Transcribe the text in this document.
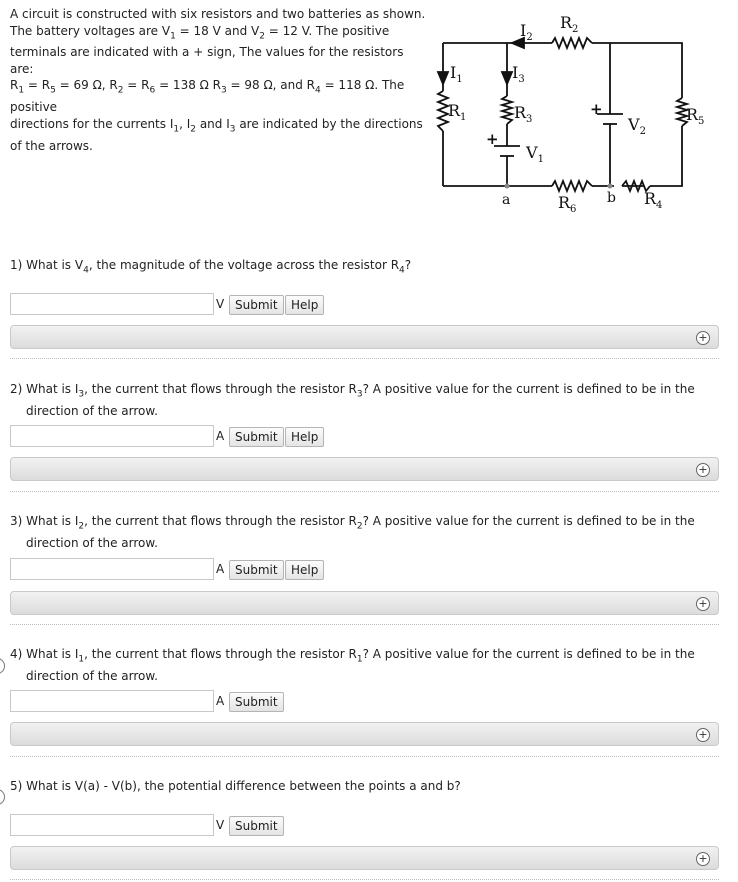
A circuit is constructed with six resistors and two batteries as shown.
The battery voltages are $V_1 = 18$ V and $V_2 = 12$ V. The positive
terminals are indicated with a + sign, The values for the resistors are:
$R_1 = R_5 = 69$ Ω, $R_2 = R_6 = 138$ Ω $R_3 = 98$ Ω, and $R_4 = 118$ Ω. The positive
directions for the currents $I_1$, $I_2$ and $I_3$ are indicated by the directions
of the arrows.
$I_2$
$R_2$
$I_1$	$I_3$
$R_1$	$R_3$	$R_5$
$V_1$
$V_2$
$R_6$
$R_4$
+
+
a	b
1) What is $V_4$, the magnitude of the voltage across the resistor $R_4$?
V Submit	Help
+
2) What is $I_3$, the current that flows through the resistor $R_3$? A positive value for the current is defined to be in the
direction of the arrow.
A Submit	Help
+
3) What is $I_2$, the current that flows through the resistor $R_2$? A positive value for the current is defined to be in the
direction of the arrow.
A Submit	Help
+
4) What is $I_1$, the current that flows through the resistor $R_1$? A positive value for the current is defined to be in the
direction of the arrow.
A Submit
+
5) What is V(a) - V(b), the potential difference between the points a and b?
V Submit
+
